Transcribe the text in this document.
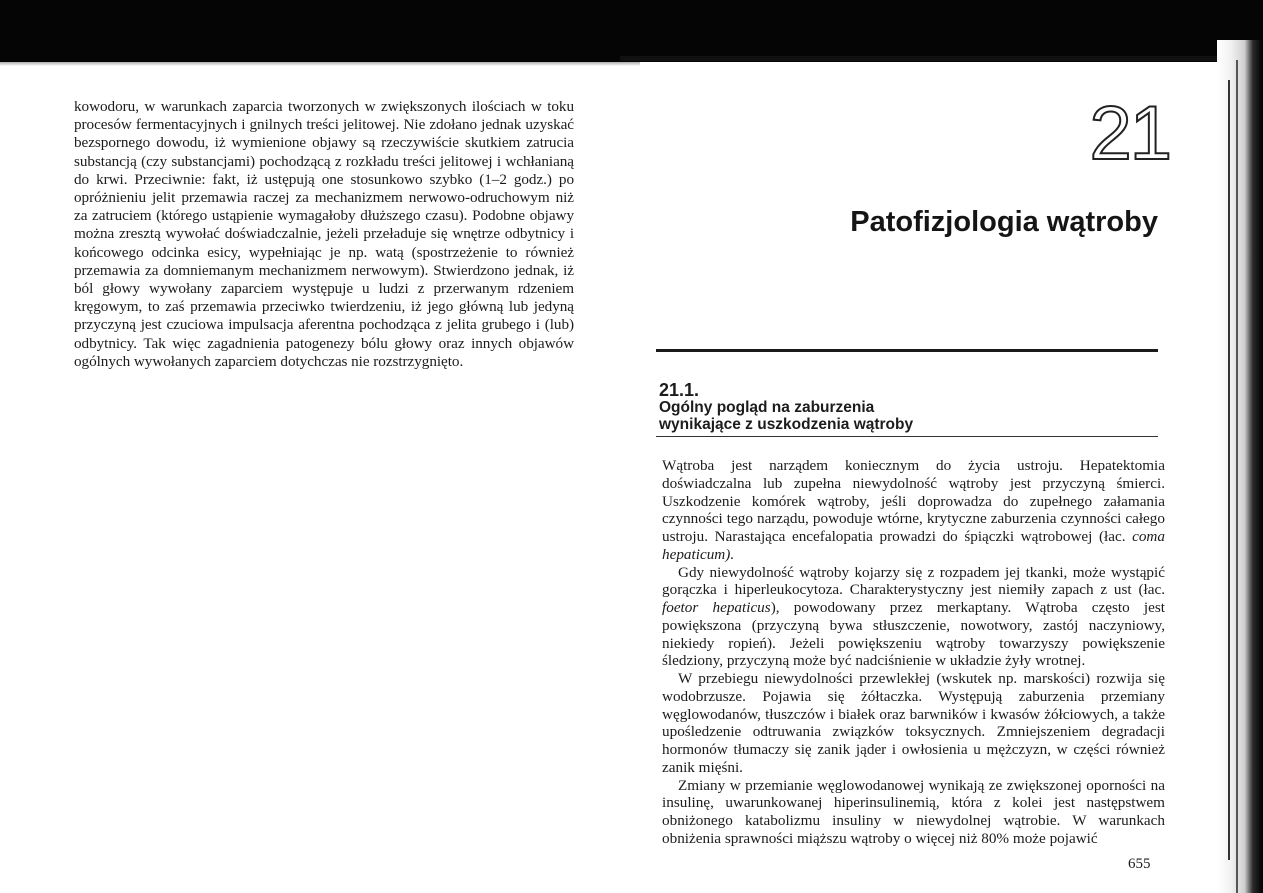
kowodoru, w warunkach zaparcia tworzonych w zwiększonych ilościach w toku procesów fermentacyjnych i gnilnych treści jelitowej. Nie zdołano jednak uzyskać bezspornego dowodu, iż wymienione objawy są rzeczywiście skutkiem zatrucia substancją (czy substancjami) pochodzącą z rozkładu treści jelitowej i wchłanianą do krwi. Przeciwnie: fakt, iż ustępują one stosunkowo szybko (1–2 godz.) po opróżnieniu jelit przemawia raczej za mechanizmem nerwowo-odruchowym niż za zatruciem (którego ustąpienie wymagałoby dłuższego czasu). Podobne objawy można zresztą wywołać doświadczalnie, jeżeli przeładuje się wnętrze odbytnicy i końcowego odcinka esicy, wypełniając je np. watą (spostrzeżenie to również przemawia za domniemanym mechanizmem nerwowym). Stwierdzono jednak, iż ból głowy wywołany zaparciem występuje u ludzi z przerwanym rdzeniem kręgowym, to zaś przemawia przeciwko twierdzeniu, iż jego główną lub jedyną przyczyną jest czuciowa impulsacja aferentna pochodząca z jelita grubego i (lub) odbytnicy. Tak więc zagadnienia patogenezy bólu głowy oraz innych objawów ogólnych wywołanych zaparciem dotychczas nie rozstrzygnięto.

21
Patofizjologia wątroby
21.1.
Ogólny pogląd na zaburzenia
wynikające z uszkodzenia wątroby

Wątroba jest narządem koniecznym do życia ustroju. Hepatektomia doświadczalna lub zupełna niewydolność wątroby jest przyczyną śmierci. Uszkodzenie komórek wątroby, jeśli doprowadza do zupełnego załamania czynności tego narządu, powoduje wtórne, krytyczne zaburzenia czynności całego ustroju. Narastająca encefalopatia prowadzi do śpiączki wątrobowej (łac. coma hepaticum).

Gdy niewydolność wątroby kojarzy się z rozpadem jej tkanki, może wystąpić gorączka i hiperleukocytoza. Charakterystyczny jest niemiły zapach z ust (łac. foetor hepaticus), powodowany przez merkaptany. Wątroba często jest powiększona (przyczyną bywa stłuszczenie, nowotwory, zastój naczyniowy, niekiedy ropień). Jeżeli powiększeniu wątroby towarzyszy powiększenie śledziony, przyczyną może być nadciśnienie w układzie żyły wrotnej.

W przebiegu niewydolności przewlekłej (wskutek np. marskości) rozwija się wodobrzusze. Pojawia się żółtaczka. Występują zaburzenia przemiany węglowodanów, tłuszczów i białek oraz barwników i kwasów żółciowych, a także upośledzenie odtruwania związków toksycznych. Zmniejszeniem degradacji hormonów tłumaczy się zanik jąder i owłosienia u mężczyzn, w części również zanik mięśni.

Zmiany w przemianie węglowodanowej wynikają ze zwiększonej oporności na insulinę, uwarunkowanej hiperinsulinemią, która z kolei jest następstwem obniżonego katabolizmu insuliny w niewydolnej wątrobie. W warunkach obniżenia sprawności miąższu wątroby o więcej niż 80% może pojawić

655
